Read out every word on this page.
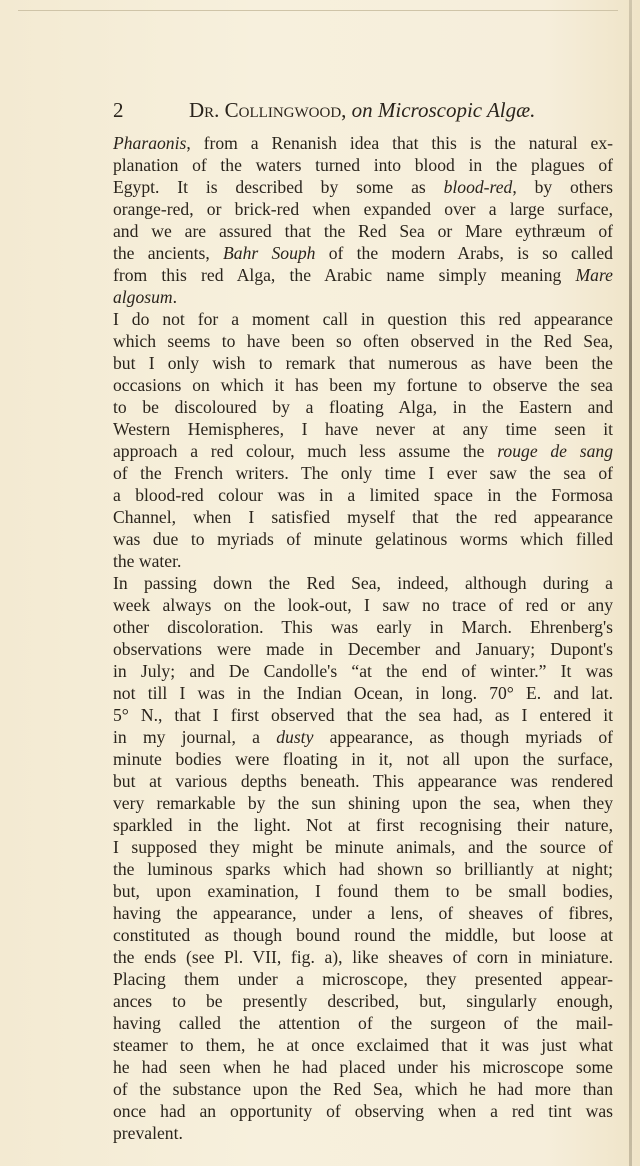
2	Dr. Collingwood, on Microscopic Algæ.
Pharaonis, from a Renanish idea that this is the natural ex-
planation of the waters turned into blood in the plagues of
Egypt. It is described by some as blood-red, by others
orange-red, or brick-red when expanded over a large surface,
and we are assured that the Red Sea or Mare eythræum of
the ancients, Bahr Souph of the modern Arabs, is so called
from this red Alga, the Arabic name simply meaning Mare
algosum.
I do not for a moment call in question this red appearance
which seems to have been so often observed in the Red Sea,
but I only wish to remark that numerous as have been the
occasions on which it has been my fortune to observe the sea
to be discoloured by a floating Alga, in the Eastern and
Western Hemispheres, I have never at any time seen it
approach a red colour, much less assume the rouge de sang
of the French writers. The only time I ever saw the sea of
a blood-red colour was in a limited space in the Formosa
Channel, when I satisfied myself that the red appearance
was due to myriads of minute gelatinous worms which filled
the water.
In passing down the Red Sea, indeed, although during a
week always on the look-out, I saw no trace of red or any
other discoloration. This was early in March. Ehrenberg's
observations were made in December and January; Dupont's
in July; and De Candolle's “at the end of winter.” It was
not till I was in the Indian Ocean, in long. 70° E. and lat.
5° N., that I first observed that the sea had, as I entered it
in my journal, a dusty appearance, as though myriads of
minute bodies were floating in it, not all upon the surface,
but at various depths beneath. This appearance was rendered
very remarkable by the sun shining upon the sea, when they
sparkled in the light. Not at first recognising their nature,
I supposed they might be minute animals, and the source of
the luminous sparks which had shown so brilliantly at night;
but, upon examination, I found them to be small bodies,
having the appearance, under a lens, of sheaves of fibres,
constituted as though bound round the middle, but loose at
the ends (see Pl. VII, fig. a), like sheaves of corn in miniature.
Placing them under a microscope, they presented appear-
ances to be presently described, but, singularly enough,
having called the attention of the surgeon of the mail-
steamer to them, he at once exclaimed that it was just what
he had seen when he had placed under his microscope some
of the substance upon the Red Sea, which he had more than
once had an opportunity of observing when a red tint was
prevalent.
